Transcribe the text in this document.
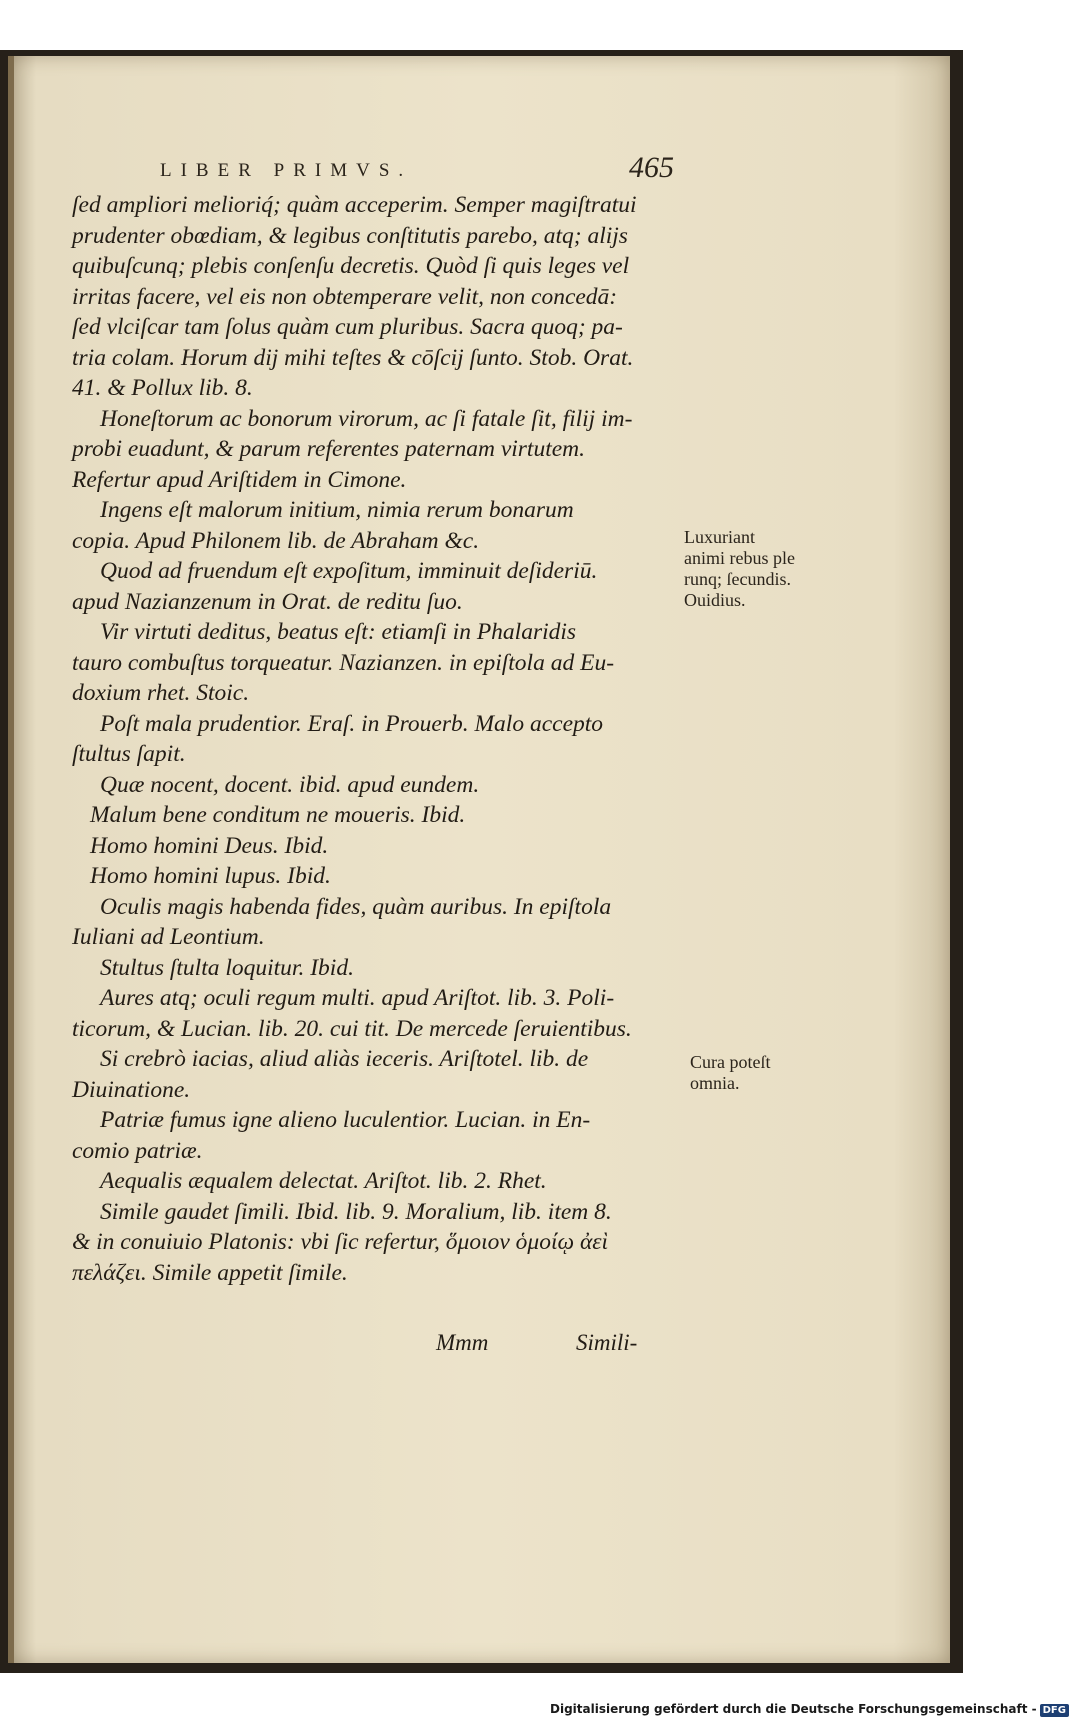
LIBER PRIMVS.	465
ſed ampliori melioriq́; quàm acceperim. Semper magiſtratui
prudenter obœdiam, & legibus conſtitutis parebo, atq; alijs
quibuſcunq; plebis conſenſu decretis. Quòd ſi quis leges vel
irritas facere, vel eis non obtemperare velit, non concedā:
ſed vlciſcar tam ſolus quàm cum pluribus. Sacra quoq; pa-
tria colam. Horum dij mihi teſtes & cōſcij ſunto. Stob. Orat.
41. & Pollux lib. 8.
Honeſtorum ac bonorum virorum, ac ſi fatale ſit, filij im-
probi euadunt, & parum referentes paternam virtutem.
Refertur apud Ariſtidem in Cimone.
Ingens eſt malorum initium, nimia rerum bonarum
copia. Apud Philonem lib. de Abraham &c.
Quod ad fruendum eſt expoſitum, imminuit deſideriū.
apud Nazianzenum in Orat. de reditu ſuo.
Vir virtuti deditus, beatus eſt: etiamſi in Phalaridis
tauro combuſtus torqueatur. Nazianzen. in epiſtola ad Eu-
doxium rhet. Stoic.
Poſt mala prudentior. Eraſ. in Prouerb. Malo accepto
ſtultus ſapit.
Quæ nocent, docent. ibid. apud eundem.
Malum bene conditum ne moueris. Ibid.
Homo homini Deus. Ibid.
Homo homini lupus. Ibid.
Oculis magis habenda fides, quàm auribus. In epiſtola
Iuliani ad Leontium.
Stultus ſtulta loquitur. Ibid.
Aures atq; oculi regum multi. apud Ariſtot. lib. 3. Poli-
ticorum, & Lucian. lib. 20. cui tit. De mercede ſeruientibus.
Si crebrò iacias, aliud aliàs ieceris. Ariſtotel. lib. de
Diuinatione.
Patriæ fumus igne alieno luculentior. Lucian. in En-
comio patriæ.
Aequalis æqualem delectat. Ariſtot. lib. 2. Rhet.
Simile gaudet ſimili. Ibid. lib. 9. Moralium, lib. item 8.
& in conuiuio Platonis: vbi ſic refertur, ὅμοιον ὁμοίῳ ἀεὶ
πελάζει. Simile appetit ſimile.
Luxuriant
animi rebus ple
runq; ſecundis.
Ouidius.
Cura poteſt
omnia.
Mmm	Simili-
Digitalisierung gefördert durch die Deutsche Forschungsgemeinschaft - DFG
